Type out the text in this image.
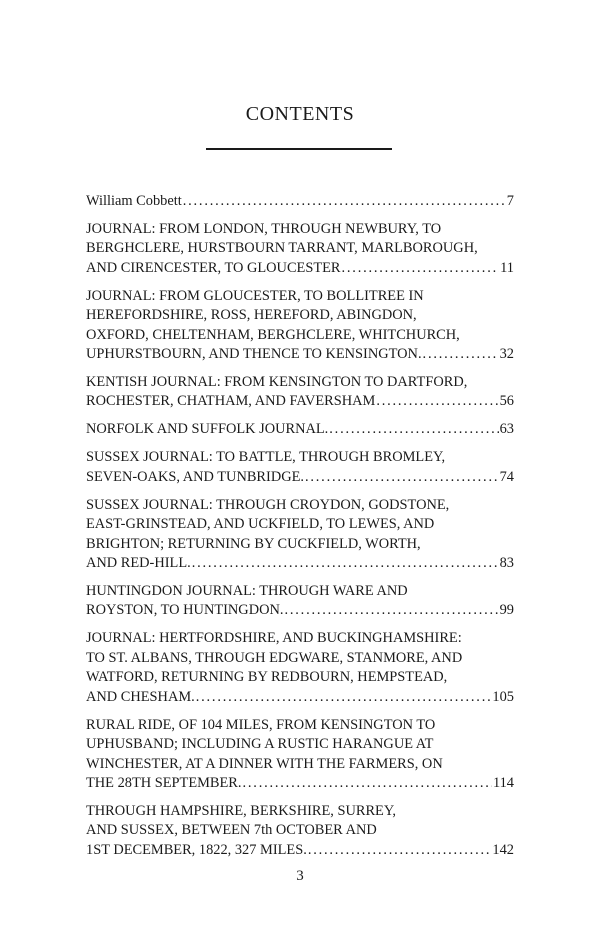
CONTENTS
William Cobbett . . .	7
JOURNAL: FROM LONDON, THROUGH NEWBURY, TO
BERGHCLERE, HURSTBOURN TARRANT, MARLBOROUGH,
AND CIRENCESTER, TO GLOUCESTER . . .	11
JOURNAL: FROM GLOUCESTER, TO BOLLITREE IN
HEREFORDSHIRE, ROSS, HEREFORD, ABINGDON,
OXFORD, CHELTENHAM, BERGHCLERE, WHITCHURCH,
UPHURSTBOURN, AND THENCE TO KENSINGTON. . . .	32
KENTISH JOURNAL: FROM KENSINGTON TO DARTFORD,
ROCHESTER, CHATHAM, AND FAVERSHAM . . .	56
NORFOLK AND SUFFOLK JOURNAL. . . .	63
SUSSEX JOURNAL: TO BATTLE, THROUGH BROMLEY,
SEVEN-OAKS, AND TUNBRIDGE. . . .	74
SUSSEX JOURNAL: THROUGH CROYDON, GODSTONE,
EAST-GRINSTEAD, AND UCKFIELD, TO LEWES, AND
BRIGHTON; RETURNING BY CUCKFIELD, WORTH,
AND RED-HILL. . . .	83
HUNTINGDON JOURNAL: THROUGH WARE AND
ROYSTON, TO HUNTINGDON. . . .	99
JOURNAL: HERTFORDSHIRE, AND BUCKINGHAMSHIRE:
TO ST. ALBANS, THROUGH EDGWARE, STANMORE, AND
WATFORD, RETURNING BY REDBOURN, HEMPSTEAD,
AND CHESHAM. . . .	105
RURAL RIDE, OF 104 MILES, FROM KENSINGTON TO
UPHUSBAND; INCLUDING A RUSTIC HARANGUE AT
WINCHESTER, AT A DINNER WITH THE FARMERS, ON
THE 28TH SEPTEMBER. . . .	114
THROUGH HAMPSHIRE, BERKSHIRE, SURREY,
AND SUSSEX, BETWEEN 7th OCTOBER AND
1ST DECEMBER, 1822, 327 MILES. . . .	142
3
